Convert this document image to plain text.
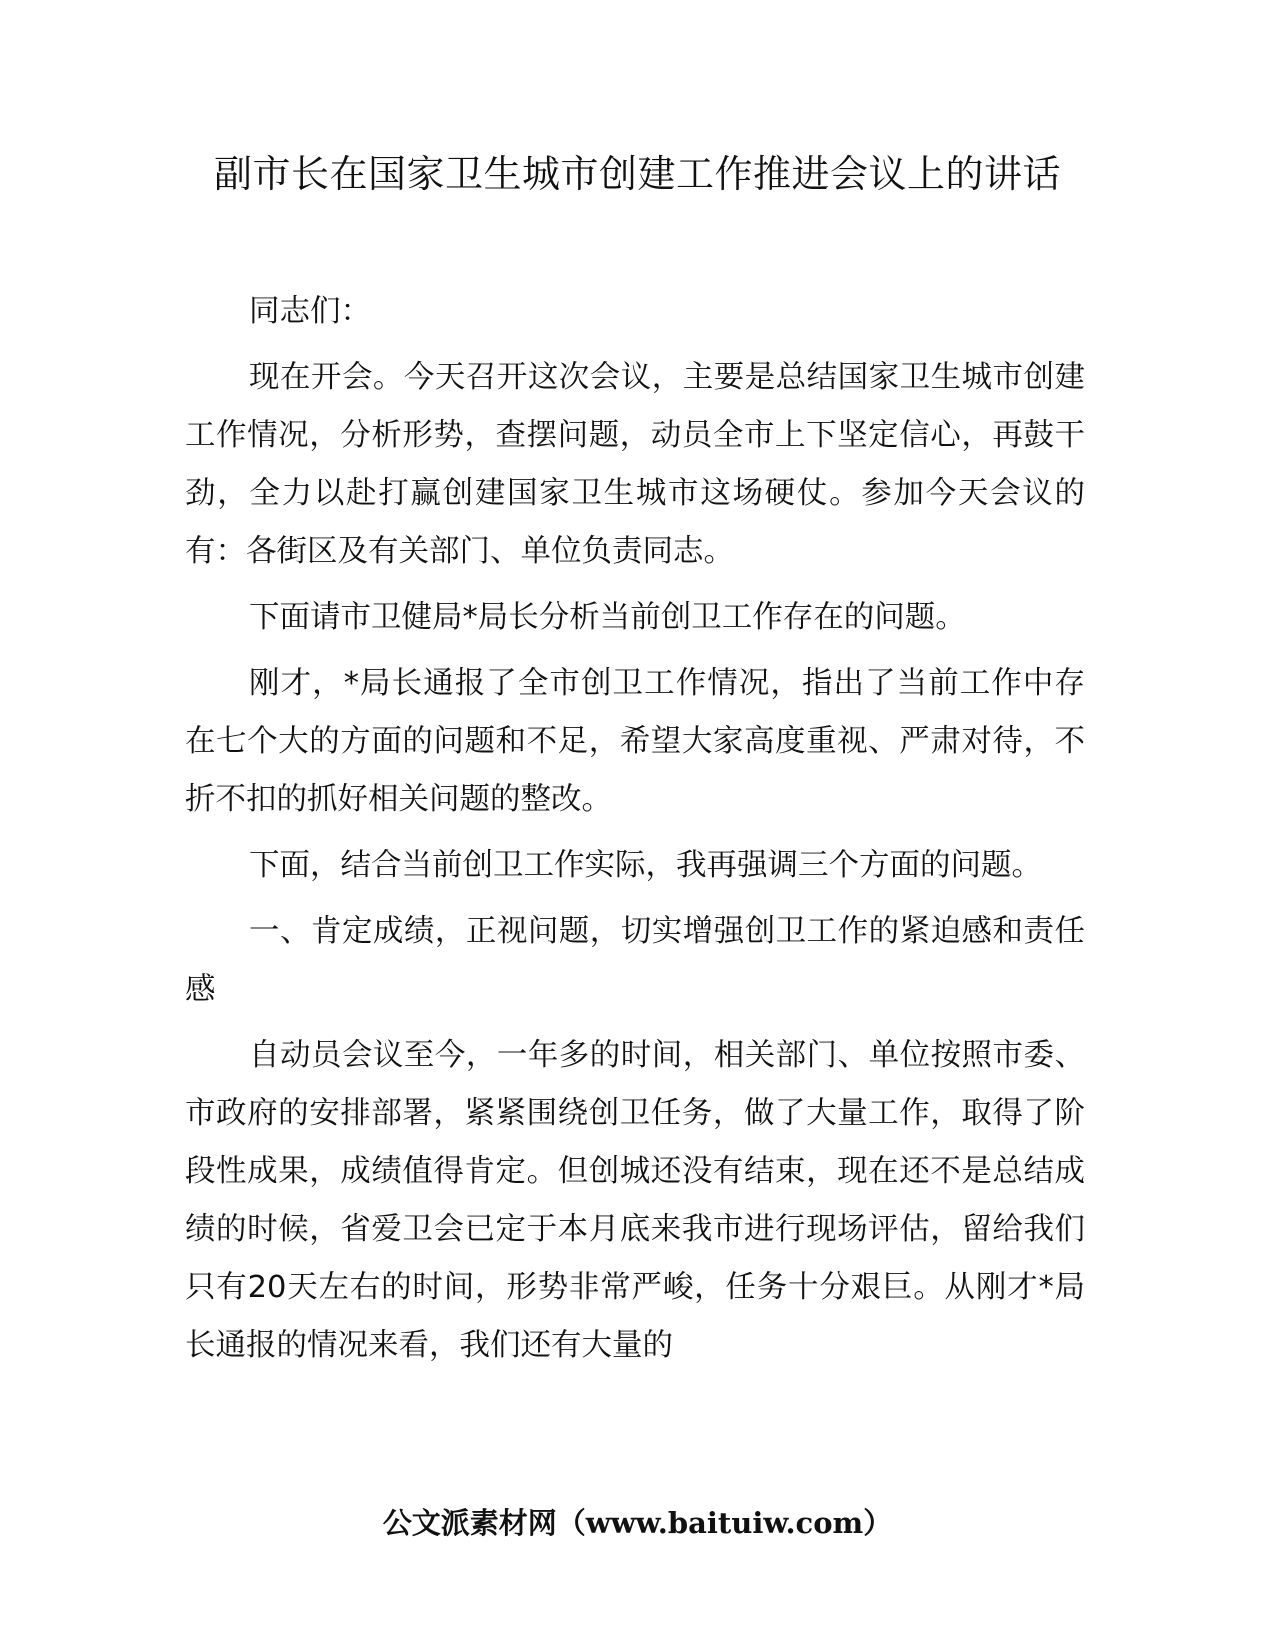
副市长在国家卫生城市创建工作推进会议上的讲话

同志们：

现在开会。今天召开这次会议，主要是总结国家卫生城市创建工作情况，分析形势，查摆问题，动员全市上下坚定信心，再鼓干劲，全力以赴打赢创建国家卫生城市这场硬仗。参加今天会议的有：各街区及有关部门、单位负责同志。

下面请市卫健局*局长分析当前创卫工作存在的问题。

刚才，*局长通报了全市创卫工作情况，指出了当前工作中存在七个大的方面的问题和不足，希望大家高度重视、严肃对待，不折不扣的抓好相关问题的整改。

下面，结合当前创卫工作实际，我再强调三个方面的问题。

一、肯定成绩，正视问题，切实增强创卫工作的紧迫感和责任感

自动员会议至今，一年多的时间，相关部门、单位按照市委、市政府的安排部署，紧紧围绕创卫任务，做了大量工作，取得了阶段性成果，成绩值得肯定。但创城还没有结束，现在还不是总结成绩的时候，省爱卫会已定于本月底来我市进行现场评估，留给我们只有20天左右的时间，形势非常严峻，任务十分艰巨。从刚才*局长通报的情况来看，我们还有大量的

公文派素材网（www.baituiw.com）
